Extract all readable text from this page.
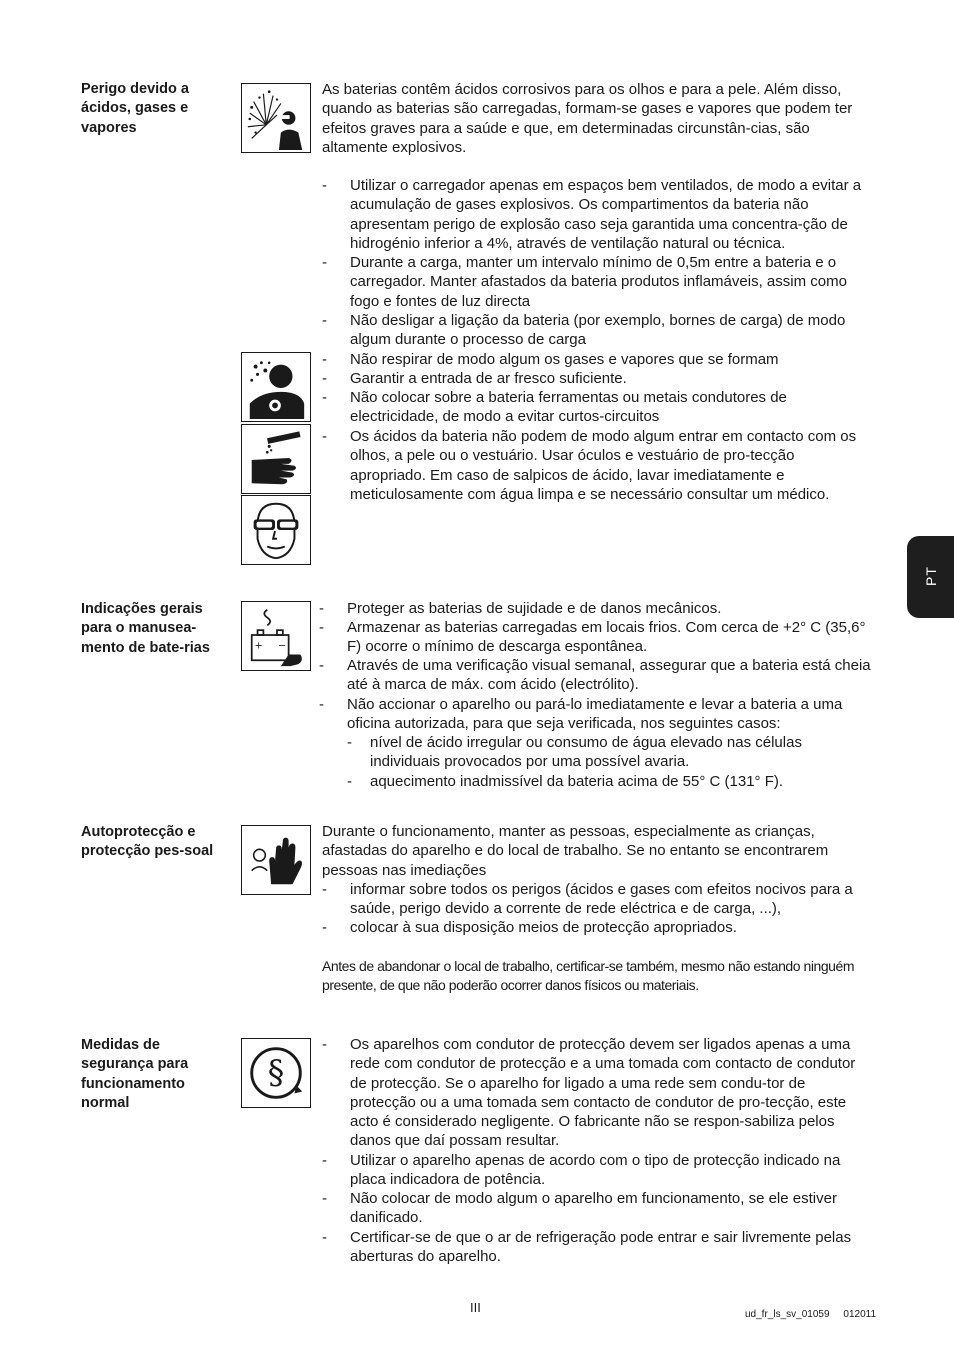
Perigo devido a ácidos, gases e vapores
As baterias contêm ácidos corrosivos para os olhos e para a pele. Além disso, quando as baterias são carregadas, formam-se gases e vapores que podem ter efeitos graves para a saúde e que, em determinadas circunstân-cias, são altamente explosivos.
- Utilizar o carregador apenas em espaços bem ventilados, de modo a evitar a acumulação de gases explosivos. Os compartimentos da bateria não apresentam perigo de explosão caso seja garantida uma concentra-ção de hidrogénio inferior a 4%, através de ventilação natural ou técnica.
- Durante a carga, manter um intervalo mínimo de 0,5m entre a bateria e o carregador. Manter afastados da bateria produtos inflamáveis, assim como fogo e fontes de luz directa
- Não desligar a ligação da bateria (por exemplo, bornes de carga) de modo algum durante o processo de carga
- Não respirar de modo algum os gases e vapores que se formam
- Garantir a entrada de ar fresco suficiente.
- Não colocar sobre a bateria ferramentas ou metais condutores de electricidade, de modo a evitar curtos-circuitos
- Os ácidos da bateria não podem de modo algum entrar em contacto com os olhos, a pele ou o vestuário. Usar óculos e vestuário de pro-tecção apropriado. Em caso de salpicos de ácido, lavar imediatamente e meticulosamente com água limpa e se necessário consultar um médico.
PT
Indicações gerais para o manusea-mento de bate-rias	+ −
- Proteger as baterias de sujidade e de danos mecânicos.
- Armazenar as baterias carregadas em locais frios. Com cerca de +2° C (35,6° F) ocorre o mínimo de descarga espontânea.
- Através de uma verificação visual semanal, assegurar que a bateria está cheia até à marca de máx. com ácido (electrólito).
- Não accionar o aparelho ou pará-lo imediatamente e levar a bateria a uma oficina autorizada, para que seja verificada, nos seguintes casos:
- nível de ácido irregular ou consumo de água elevado nas células individuais provocados por uma possível avaria.
- aquecimento inadmissível da bateria acima de 55° C (131° F).
Autoprotecção e protecção pes-soal
Durante o funcionamento, manter as pessoas, especialmente as crianças, afastadas do aparelho e do local de trabalho. Se no entanto se encontrarem pessoas nas imediações
- informar sobre todos os perigos (ácidos e gases com efeitos nocivos para a saúde, perigo devido a corrente de rede eléctrica e de carga, ...),
- colocar à sua disposição meios de protecção apropriados.
Antes de abandonar o local de trabalho, certificar-se também, mesmo não estando ninguém presente, de que não poderão ocorrer danos físicos ou materiais.
Medidas de segurança para funcionamento normal
§
- Os aparelhos com condutor de protecção devem ser ligados apenas a uma rede com condutor de protecção e a uma tomada com contacto de condutor de protecção. Se o aparelho for ligado a uma rede sem condu-tor de protecção ou a uma tomada sem contacto de condutor de pro-tecção, este acto é considerado negligente. O fabricante não se respon-sabiliza pelos danos que daí possam resultar.
- Utilizar o aparelho apenas de acordo com o tipo de protecção indicado na placa indicadora de potência.
- Não colocar de modo algum o aparelho em funcionamento, se ele estiver danificado.
- Certificar-se de que o ar de refrigeração pode entrar e sair livremente pelas aberturas do aparelho.
III	ud_fr_ls_sv_01059     012011
